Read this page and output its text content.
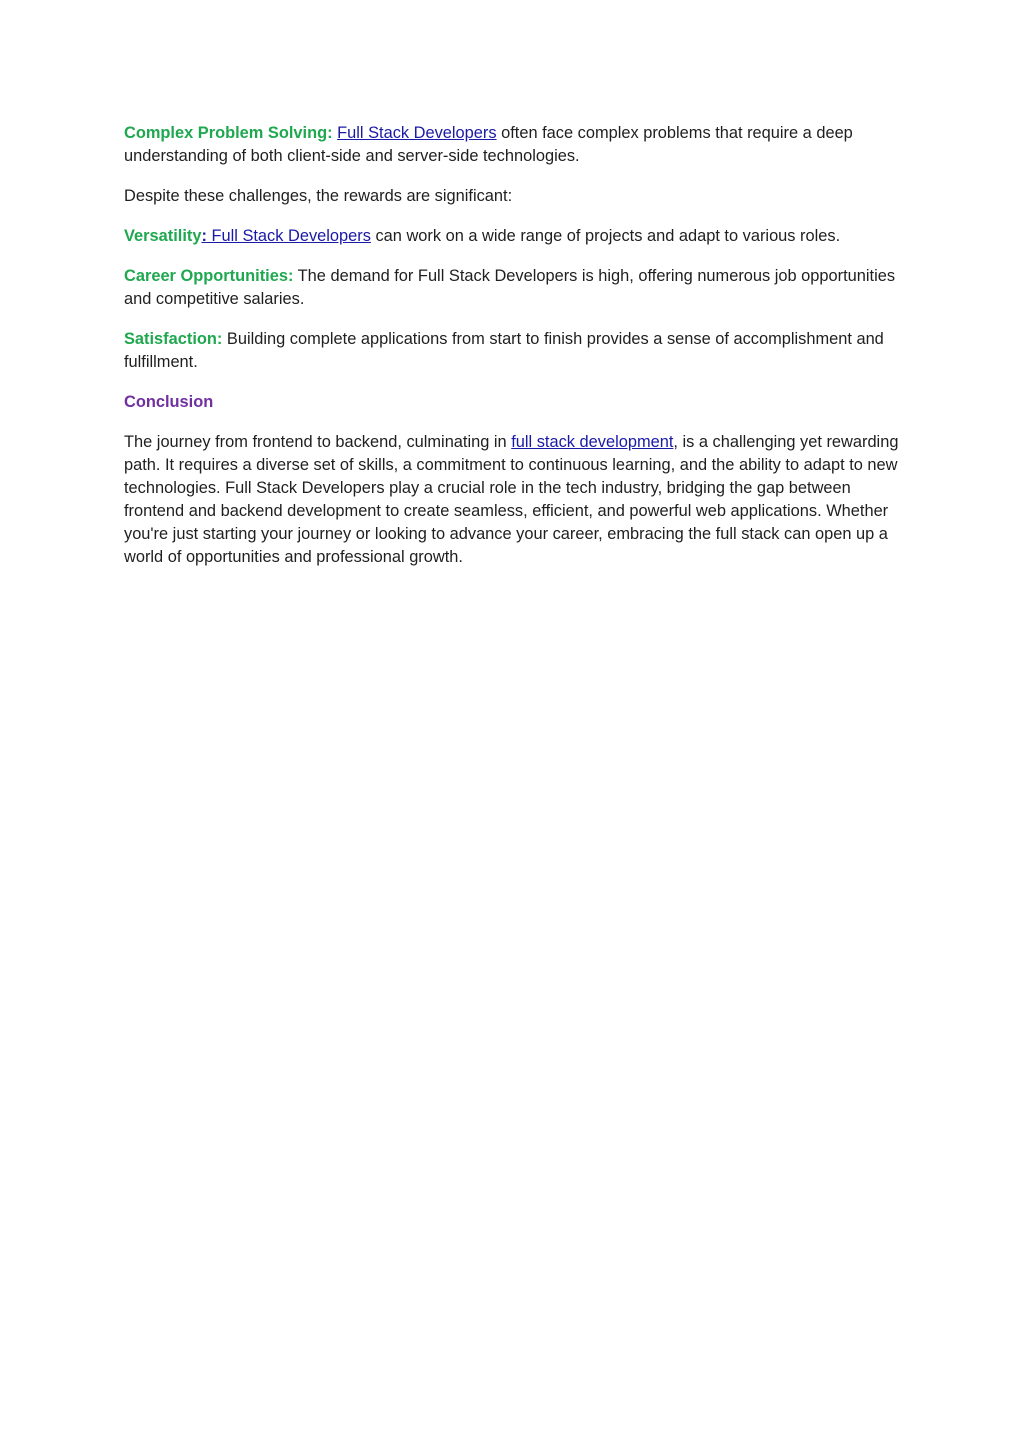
Complex Problem Solving: Full Stack Developers often face complex problems that require a deep understanding of both client-side and server-side technologies.

Despite these challenges, the rewards are significant:

Versatility: Full Stack Developers can work on a wide range of projects and adapt to various roles.

Career Opportunities: The demand for Full Stack Developers is high, offering numerous job opportunities and competitive salaries.

Satisfaction: Building complete applications from start to finish provides a sense of accomplishment and fulfillment.

Conclusion

The journey from frontend to backend, culminating in full stack development, is a challenging yet rewarding path. It requires a diverse set of skills, a commitment to continuous learning, and the ability to adapt to new technologies. Full Stack Developers play a crucial role in the tech industry, bridging the gap between frontend and backend development to create seamless, efficient, and powerful web applications. Whether you're just starting your journey or looking to advance your career, embracing the full stack can open up a world of opportunities and professional growth.
